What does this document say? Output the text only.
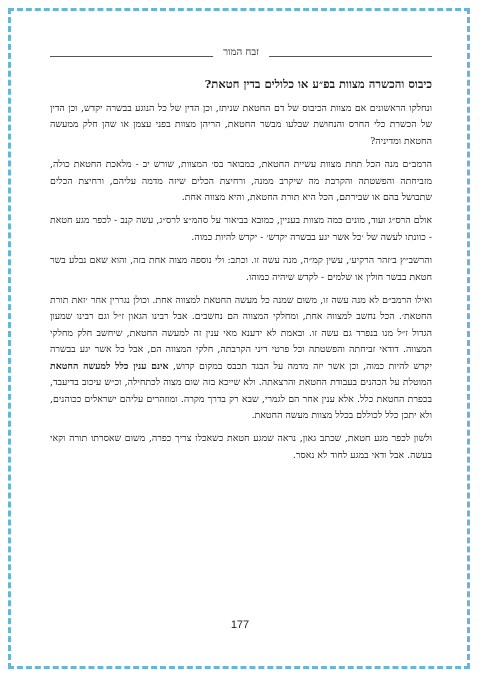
זבח המור
כיבוס והכשרה מצוות בפ״ע או כלולים בדין חטאת?

ונחלקו הראשונים אם מצוות הכיבוס של דם החטאת שניתז, וכן הדין של כל הנוגע בבשרה יקדש, וכן הדין של הכשרת כלי החרס והנחושת שבלעו מבשר החטאת, הריהן מצוות בפני עצמן או שהן חלק ממעשה החטאת ומדיניה?

הרמב״ם מנה הכל תחת מצוות עשיית החטאת, כמבואר בס׳ המצוות, שורש יב - מלאכת החטאת כולה, מזביחתה והפשטתה והקרבת מה שיקרב ממנה, ורחיצת הכלים שיזה מדמה עליהם, ורחיצת הכלים שתבושל בהם או שבירתם, הכל היא תורת החטאת, והיא מצווה אחת.

אולם הרס״ג ועוד, מונים כמה מצוות בעניין, כמובא בביאור על סהמ״צ לרס״ג, עשה קנב - לכפר מגע חטאת - כוונתו לעשה של ׳כל אשר יגע בבשרה יקדש׳ - יקדש להיות כמוה.

והרשב״ץ ב׳זהר הרקיע׳, עשין קמ״ה, מנה עשה זו. וכתב: ולי נוספה מצוה אחת בזה, והוא שאם נבלע בשר חטאת בבשר חולין או שלמים - לקדש שיהיה כמוהו.

ואילו הרמב״ם לא מנה עשה זו, משום שמנה כל מעשה החטאת למצווה אחת. וכולן נגררין אחר ׳זאת תורת החטאת׳. הכל נחשב למצווה אחת, ומחלקי המצווה הם נחשבים. אבל רבינו הגאון ז״ל וגם רבינו שמעון הגדול ז״ל מנו בנפרד גם עשה זו. ובאמת לא ידענא מאי ענין זה למעשה החטאת, שיחשב חלק מחלקי המצווה. דודאי זביחתה והפשטתה וכל פרטי דיני הקרבתה, חלקי המצווה הם, אבל כל אשר יגע בבשרה יקדש להיות כמוה, וכן אשר יזה מדמה על הבגד תכבס במקום קדוש, אינם ענין כלל למעשה החטאת המוטלת על הכהנים בעבודת החטאת והרצאתה. ולא שייכא בזה שום מצוה לכתחילה, וכ״ש עיכוב בדיעבד, בכפרת החטאת כלל. אלא ענין אחר הם לגמרי, שבא רק בדרך מקרה. ומוזהרים עליהם ישראלים ככוהנים, ולא יתכן כלל לכוללם בכלל מצוות מעשה החטאת.

ולשון לכפר מגע חטאת, שכתב גאון, נראה שמגע חטאת כשאכלו צריך כפרה, משום שאסרתו תורה וקאי בעשה. אבל ודאי במגע לחוד לא נאסר.

177
